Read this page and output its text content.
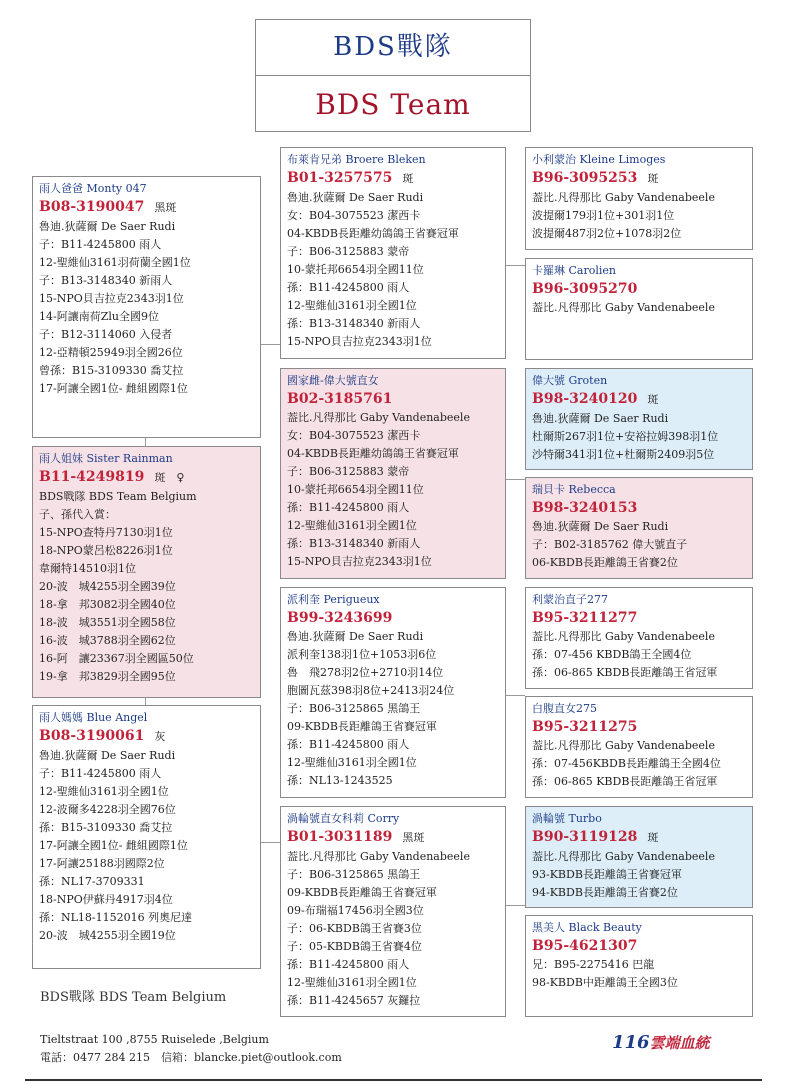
BDS戰隊
BDS Team
雨人爸爸 Monty 047
B08-3190047 黑斑
魯迪.狄薩爾 De Saer Rudi
子：B11-4245800 雨人
12-聖維仙3161羽荷蘭全國1位
子：B13-3148340 新雨人
15-NPO貝吉拉克2343羽1位
14-阿讓南荷Zlu全國9位
子：B12-3114060 入侵者
12-亞精頓25949羽全國26位
曾孫：B15-3109330 喬艾拉
17-阿讓全國1位- 雌組國際1位
雨人姐妹 Sister Rainman
B11-4249819 斑　♀
BDS戰隊 BDS Team Belgium
子、孫代入賞：
15-NPO查特丹7130羽1位
18-NPO蒙呂松8226羽1位
韋爾特14510羽1位
20-波　城4255羽全國39位
18-拿　邦3082羽全國40位
18-波　城3551羽全國58位
16-波　城3788羽全國62位
16-阿　讓23367羽全國區50位
19-拿　邦3829羽全國95位
雨人媽媽 Blue Angel
B08-3190061 灰
魯迪.狄薩爾 De Saer Rudi
子：B11-4245800 雨人
12-聖維仙3161羽全國1位
12-波爾多4228羽全國76位
孫：B15-3109330 喬艾拉
17-阿讓全國1位- 雌組國際1位
17-阿讓25188羽國際2位
孫：NL17-3709331
18-NPO伊蘇丹4917羽4位
孫：NL18-1152016 列奧尼達
20-波　城4255羽全國19位
布萊肯兄弟 Broere Bleken
B01-3257575 斑
魯迪.狄薩爾 De Saer Rudi
女：B04-3075523 潔西卡
04-KBDB長距離幼鴿鴿王省賽冠軍
子：B06-3125883 蒙帝
10-蒙托邦6654羽全國11位
孫：B11-4245800 雨人
12-聖維仙3161羽全國1位
孫：B13-3148340 新雨人
15-NPO貝吉拉克2343羽1位
國家雌-偉大號直女
B02-3185761
葢比.凡得那比 Gaby Vandenabeele
女：B04-3075523 潔西卡
04-KBDB長距離幼鴿鴿王省賽冠軍
子：B06-3125883 蒙帝
10-蒙托邦6654羽全國11位
孫：B11-4245800 雨人
12-聖維仙3161羽全國1位
孫：B13-3148340 新雨人
15-NPO貝吉拉克2343羽1位
派利奎 Perigueux
B99-3243699
魯迪.狄薩爾 De Saer Rudi
派利奎138羽1位+1053羽6位
魯　飛278羽2位+2710羽14位
胞圖瓦茲398羽8位+2413羽24位
子：B06-3125865 黑鴿王
09-KBDB長距離鴿王省賽冠軍
孫：B11-4245800 雨人
12-聖維仙3161羽全國1位
孫：NL13-1243525
渦輪號直女科莉 Corry
B01-3031189 黑斑
葢比.凡得那比 Gaby Vandenabeele
子：B06-3125865 黑鴿王
09-KBDB長距離鴿王省賽冠軍
09-布瑞福17456羽全國3位
子：06-KBDB鴿王省賽3位
子：05-KBDB鴿王省賽4位
孫：B11-4245800 雨人
12-聖維仙3161羽全國1位
孫：B11-4245657 灰鑼拉
小利蒙治 Kleine Limoges
B96-3095253 斑
葢比.凡得那比 Gaby Vandenabeele
波提爾179羽1位+301羽1位
波提爾487羽2位+1078羽2位
卡羅琳 Carolien
B96-3095270
葢比.凡得那比 Gaby Vandenabeele
偉大號 Groten
B98-3240120 斑
魯迪.狄薩爾 De Saer Rudi
杜爾斯267羽1位+安裕拉姆398羽1位
沙特爾341羽1位+杜爾斯2409羽5位
瑞貝卡 Rebecca
B98-3240153
魯迪.狄薩爾 De Saer Rudi
子：B02-3185762 偉大號直子
06-KBDB長距離鴿王省賽2位
利蒙治直子277
B95-3211277
葢比.凡得那比 Gaby Vandenabeele
孫：07-456 KBDB鴿王全國4位
孫：06-865 KBDB長距離鴿王省冠軍
白腹直女275
B95-3211275
葢比.凡得那比 Gaby Vandenabeele
孫：07-456KBDB長距離鴿王全國4位
孫：06-865 KBDB長距離鴿王省冠軍
渦輪號 Turbo
B90-3119128 斑
葢比.凡得那比 Gaby Vandenabeele
93-KBDB長距離鴿王省賽冠軍
94-KBDB長距離鴿王省賽2位
黑美人 Black Beauty
B95-4621307
兄：B95-2275416 巴龍
98-KBDB中距離鴿王全國3位
BDS戰隊 BDS Team Belgium
Tieltstraat 100 ,8755 Ruiselede ,Belgium
電話：0477 284 215　信箱：blancke.piet@outlook.com
116雲端血統
